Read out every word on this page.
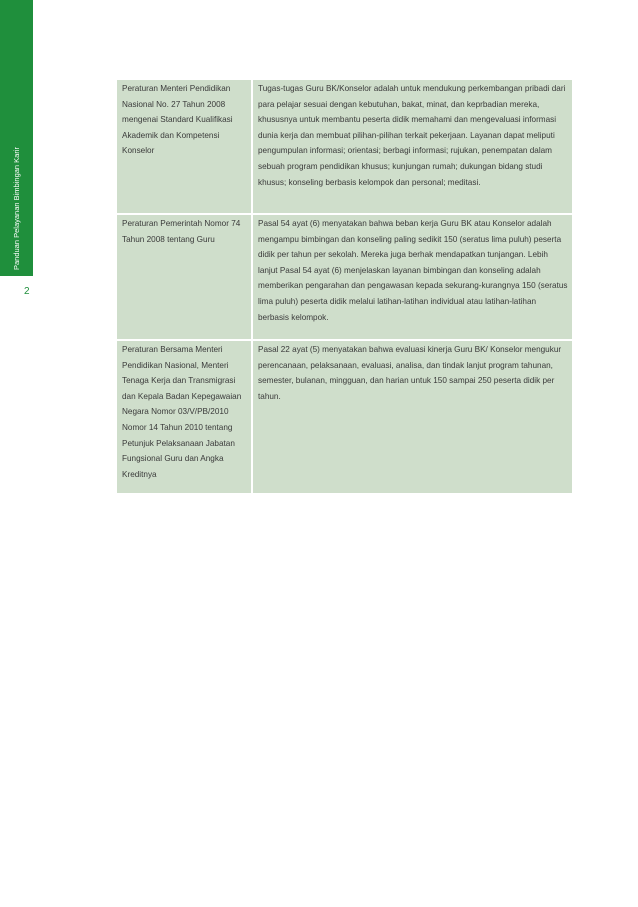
Panduan Pelayanan Bimbingan Karir
2
Peraturan Menteri Pendidikan Nasional No. 27 Tahun 2008 mengenai Standard Kualifikasi Akademik dan Kompetensi Konselor
Tugas-tugas Guru BK/Konselor adalah untuk mendukung perkembangan pribadi dari para pelajar sesuai dengan kebutuhan, bakat, minat, dan keprbadian mereka, khususnya untuk membantu peserta didik memahami dan mengevaluasi informasi dunia kerja dan membuat pilihan-pilihan terkait pekerjaan. Layanan dapat meliputi pengumpulan informasi; orientasi; berbagi informasi; rujukan, penempatan dalam sebuah program pendidikan khusus; kunjungan rumah; dukungan bidang studi khusus; konseling berbasis kelompok dan personal; meditasi.
Peraturan Pemerintah Nomor 74 Tahun 2008 tentang Guru
Pasal 54 ayat (6) menyatakan bahwa beban kerja Guru BK atau Konselor adalah mengampu bimbingan dan konseling paling sedikit 150 (seratus lima puluh) peserta didik per tahun per sekolah. Mereka juga berhak mendapatkan tunjangan. Lebih lanjut Pasal 54 ayat (6) menjelaskan layanan bimbingan dan konseling adalah memberikan pengarahan dan pengawasan kepada sekurang-kurangnya 150 (seratus lima puluh) peserta didik melalui latihan-latihan individual atau latihan-latihan berbasis kelompok.
Peraturan Bersama Menteri Pendidikan Nasional, Menteri Tenaga Kerja dan Transmigrasi dan Kepala Badan Kepegawaian Negara Nomor 03/V/PB/2010 Nomor 14 Tahun 2010 tentang Petunjuk Pelaksanaan Jabatan Fungsional Guru dan Angka Kreditnya
Pasal 22 ayat (5) menyatakan bahwa evaluasi kinerja Guru BK/ Konselor mengukur perencanaan, pelaksanaan, evaluasi, analisa, dan tindak lanjut program tahunan, semester, bulanan, mingguan, dan harian untuk 150 sampai 250 peserta didik per tahun.
